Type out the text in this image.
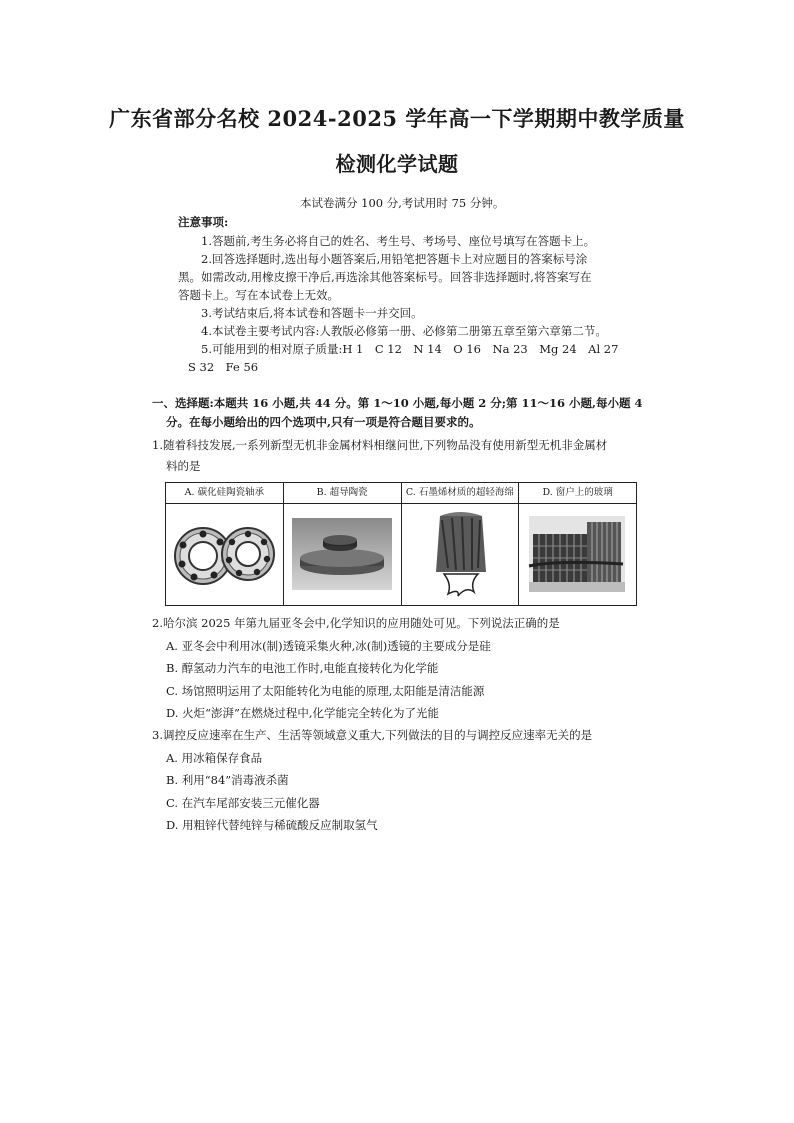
广东省部分名校 2024-2025 学年高一下学期期中教学质量
检测化学试题
本试卷满分 100 分,考试用时 75 分钟。
注意事项:
1.答题前,考生务必将自己的姓名、考生号、考场号、座位号填写在答题卡上。
2.回答选择题时,选出每小题答案后,用铅笔把答题卡上对应题目的答案标号涂
黑。如需改动,用橡皮擦干净后,再选涂其他答案标号。回答非选择题时,将答案写在
答题卡上。写在本试卷上无效。
3.考试结束后,将本试卷和答题卡一并交回。
4.本试卷主要考试内容:人教版必修第一册、必修第二册第五章至第六章第二节。
5.可能用到的相对原子质量:H 1　C 12　N 14　O 16　Na 23　Mg 24　Al 27
S 32　Fe 56
一、选择题:本题共 16 小题,共 44 分。第 1～10 小题,每小题 2 分;第 11～16 小题,每小题 4
分。在每小题给出的四个选项中,只有一项是符合题目要求的。
1.随着科技发展,一系列新型无机非金属材料相继问世,下列物品没有使用新型无机非金属材
料的是
A. 碳化硅陶瓷轴承	B. 超导陶瓷	C. 石墨烯材质的超轻海绵	D. 窗户上的玻璃
2.哈尔滨 2025 年第九届亚冬会中,化学知识的应用随处可见。下列说法正确的是
A. 亚冬会中利用冰(制)透镜采集火种,冰(制)透镜的主要成分是硅
B. 醇氢动力汽车的电池工作时,电能直接转化为化学能
C. 场馆照明运用了太阳能转化为电能的原理,太阳能是清洁能源
D. 火炬“澎湃”在燃烧过程中,化学能完全转化为了光能
3.调控反应速率在生产、生活等领域意义重大,下列做法的目的与调控反应速率无关的是
A. 用冰箱保存食品
B. 利用“84”消毒液杀菌
C. 在汽车尾部安装三元催化器
D. 用粗锌代替纯锌与稀硫酸反应制取氢气
